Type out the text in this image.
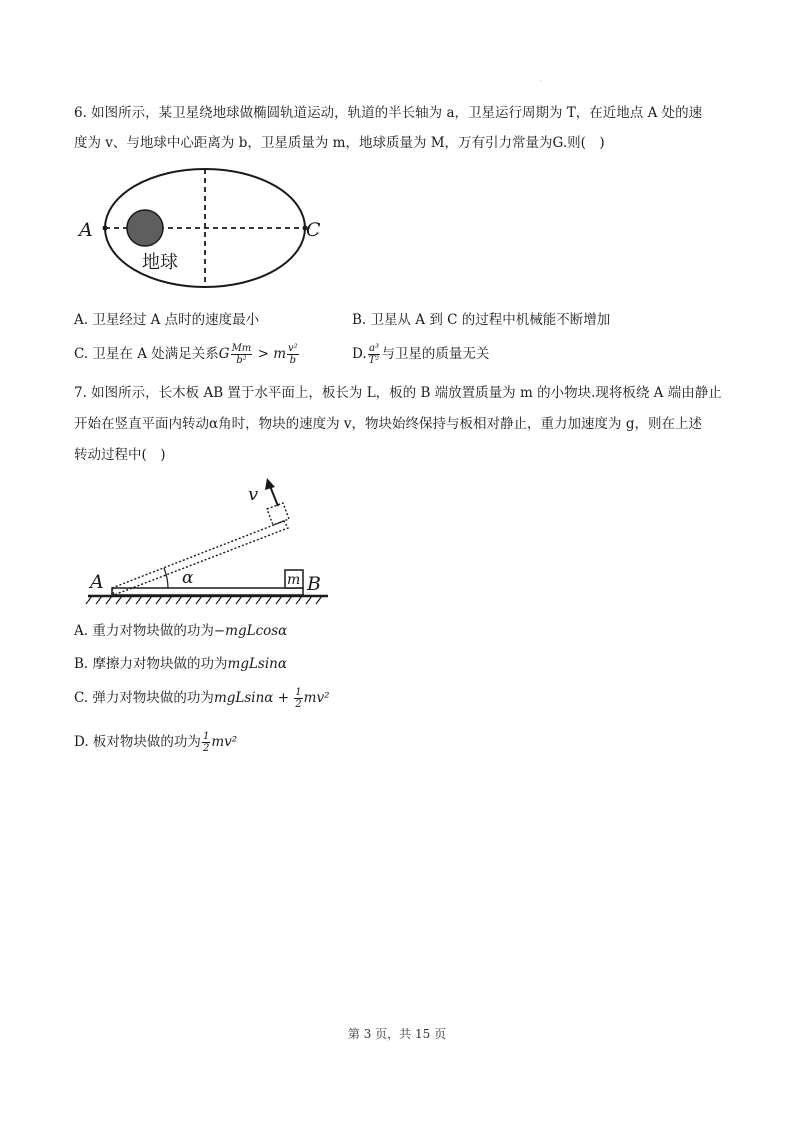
·
6. 如图所示，某卫星绕地球做椭圆轨道运动，轨道的半长轴为 a，卫星运行周期为 T，在近地点 A 处的速
度为 v、与地球中心距离为 b，卫星质量为 m，地球质量为 M，万有引力常量为G.则(　)
A	C
地球
A. 卫星经过 A 点时的速度最小	B. 卫星从 A 到 C 的过程中机械能不断增加
C. 卫星在 A 处满足关系G $\frac{Mm}{\text{b²}} > m \frac{\text{v²}}{b}$	D. $\frac{\text{a³}}{\text{T²}}$ 与卫星的质量无关
7. 如图所示，长木板 AB 置于水平面上，板长为 L，板的 B 端放置质量为 m 的小物块.现将板绕 A 端由静止
开始在竖直平面内转动α角时，物块的速度为 v，物块始终保持与板相对静止，重力加速度为 g，则在上述
转动过程中(　)
m
v
α
A	B
A. 重力对物块做的功为−mgLcosα
B. 摩擦力对物块做的功为mgLsinα
C. 弹力对物块做的功为$mgLsin\alpha + \frac{1}{2} mv^2$
D. 板对物块做的功为 $\frac{1}{2} mv^2$
第 3 页，共 15 页
